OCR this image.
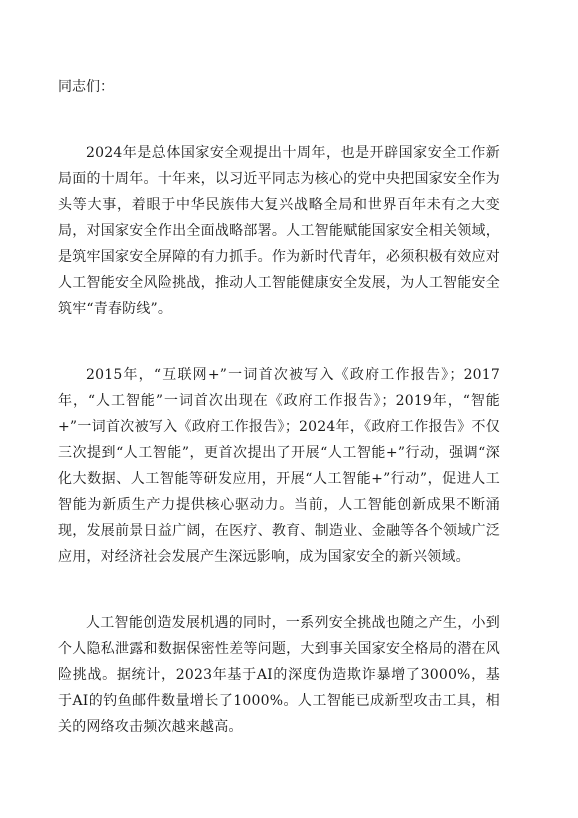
同志们：

2024年是总体国家安全观提出十周年，也是开辟国家安全工作新局面的十周年。十年来，以习近平同志为核心的党中央把国家安全作为头等大事，着眼于中华民族伟大复兴战略全局和世界百年未有之大变局，对国家安全作出全面战略部署。人工智能赋能国家安全相关领域，是筑牢国家安全屏障的有力抓手。作为新时代青年，必须积极有效应对人工智能安全风险挑战，推动人工智能健康安全发展，为人工智能安全筑牢“青春防线”。

2015年，“互联网+”一词首次被写入《政府工作报告》；2017年，“人工智能”一词首次出现在《政府工作报告》；2019年，“智能+”一词首次被写入《政府工作报告》；2024年，《政府工作报告》不仅三次提到“人工智能”，更首次提出了开展“人工智能+”行动，强调“深化大数据、人工智能等研发应用，开展“人工智能+”行动”，促进人工智能为新质生产力提供核心驱动力。当前，人工智能创新成果不断涌现，发展前景日益广阔，在医疗、教育、制造业、金融等各个领域广泛应用，对经济社会发展产生深远影响，成为国家安全的新兴领域。

人工智能创造发展机遇的同时，一系列安全挑战也随之产生，小到个人隐私泄露和数据保密性差等问题，大到事关国家安全格局的潜在风险挑战。据统计，2023年基于AI的深度伪造欺诈暴增了3000%，基于AI的钓鱼邮件数量增长了1000%。人工智能已成新型攻击工具，相关的网络攻击频次越来越高。
